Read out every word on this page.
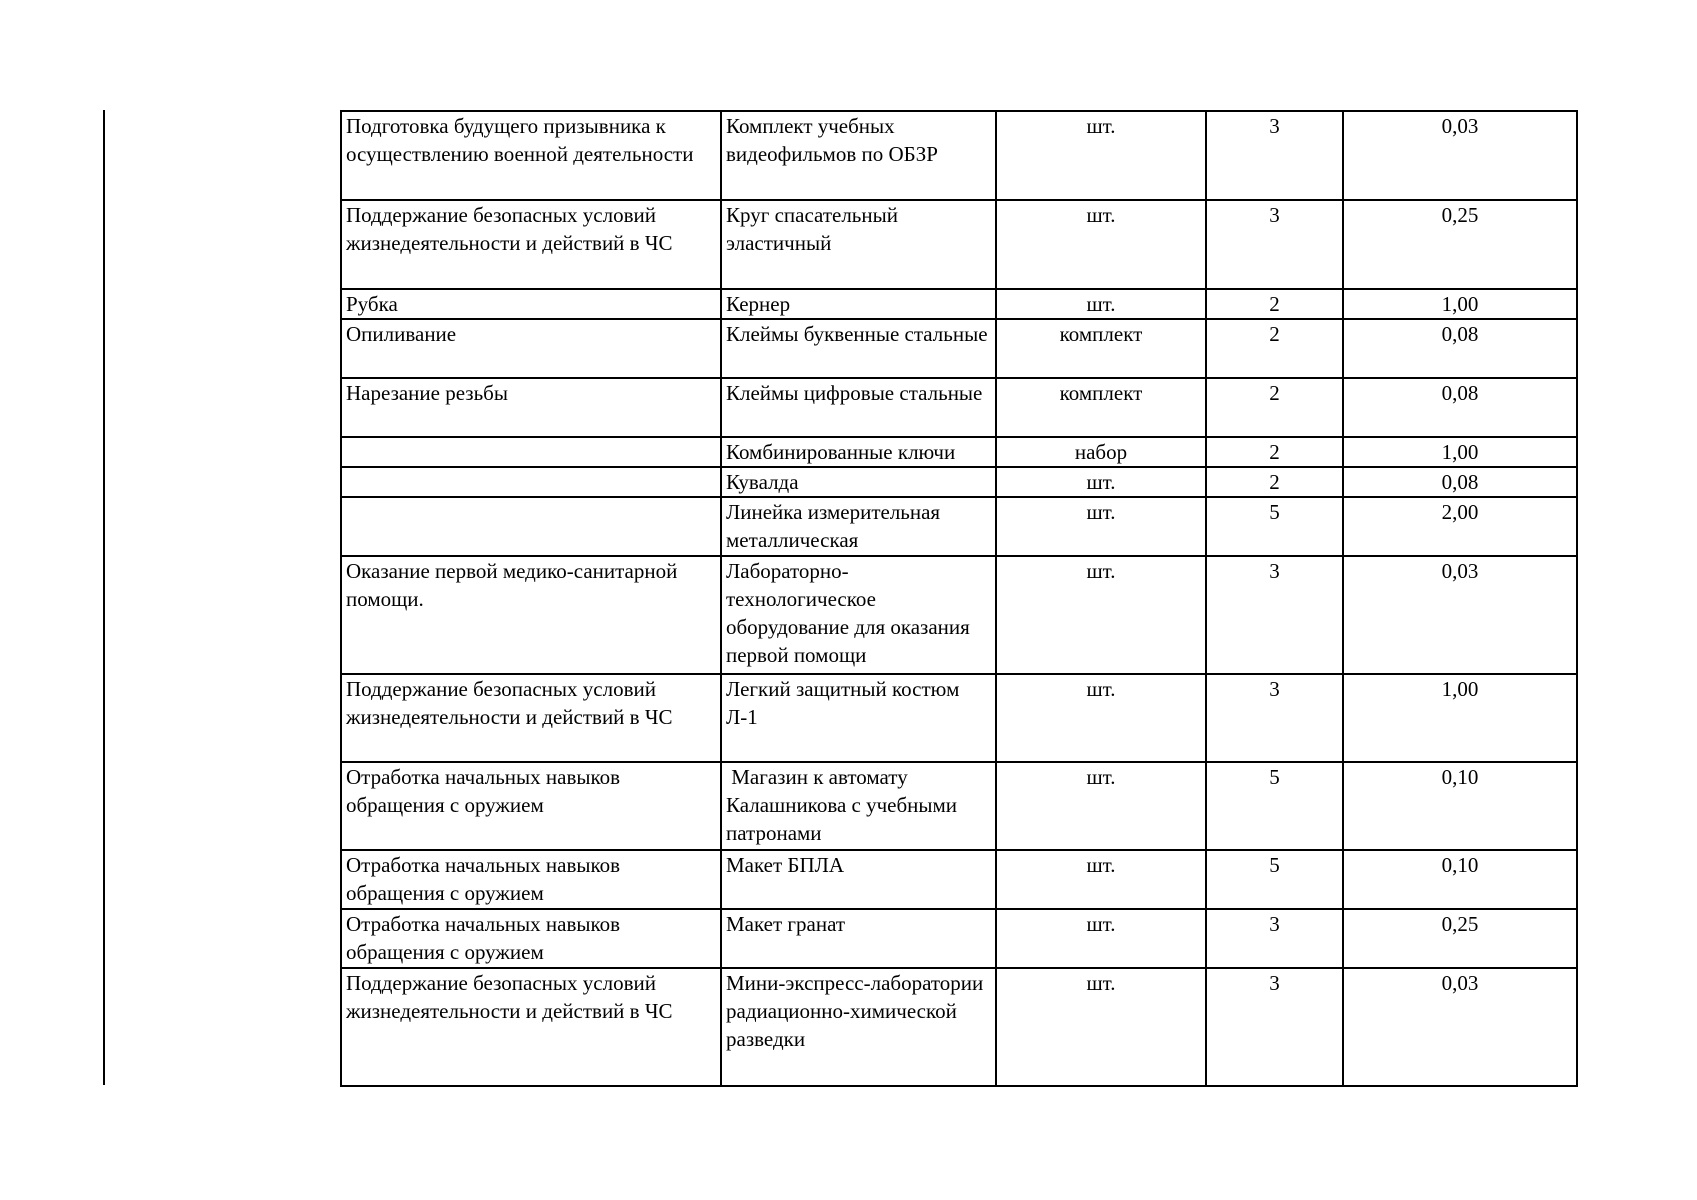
Подготовка будущего призывника к осуществлению военной деятельности	Комплект учебных видеофильмов по ОБЗР	шт.	3	0,03
Поддержание безопасных условий жизнедеятельности и действий в ЧС	Круг спасательный эластичный	шт.	3	0,25
Рубка	Кернер	шт.	2	1,00
Опиливание	Клеймы буквенные стальные	комплект	2	0,08
Нарезание резьбы	Клеймы цифровые стальные	комплект	2	0,08
	Комбинированные ключи	набор	2	1,00
	Кувалда	шт.	2	0,08
	Линейка измерительная металлическая	шт.	5	2,00
Оказание первой медико-санитарной помощи.	Лабораторно-технологическое оборудование для оказания первой помощи	шт.	3	0,03
Поддержание безопасных условий жизнедеятельности и действий в ЧС	Легкий защитный костюм Л-1	шт.	3	1,00
Отработка начальных навыков обращения с оружием	Магазин к автомату Калашникова с учебными патронами	шт.	5	0,10
Отработка начальных навыков обращения с оружием	Макет БПЛА	шт.	5	0,10
Отработка начальных навыков обращения с оружием	Макет гранат	шт.	3	0,25
Поддержание безопасных условий жизнедеятельности и действий в ЧС	Мини-экспресс-лаборатории радиационно-химической разведки	шт.	3	0,03
